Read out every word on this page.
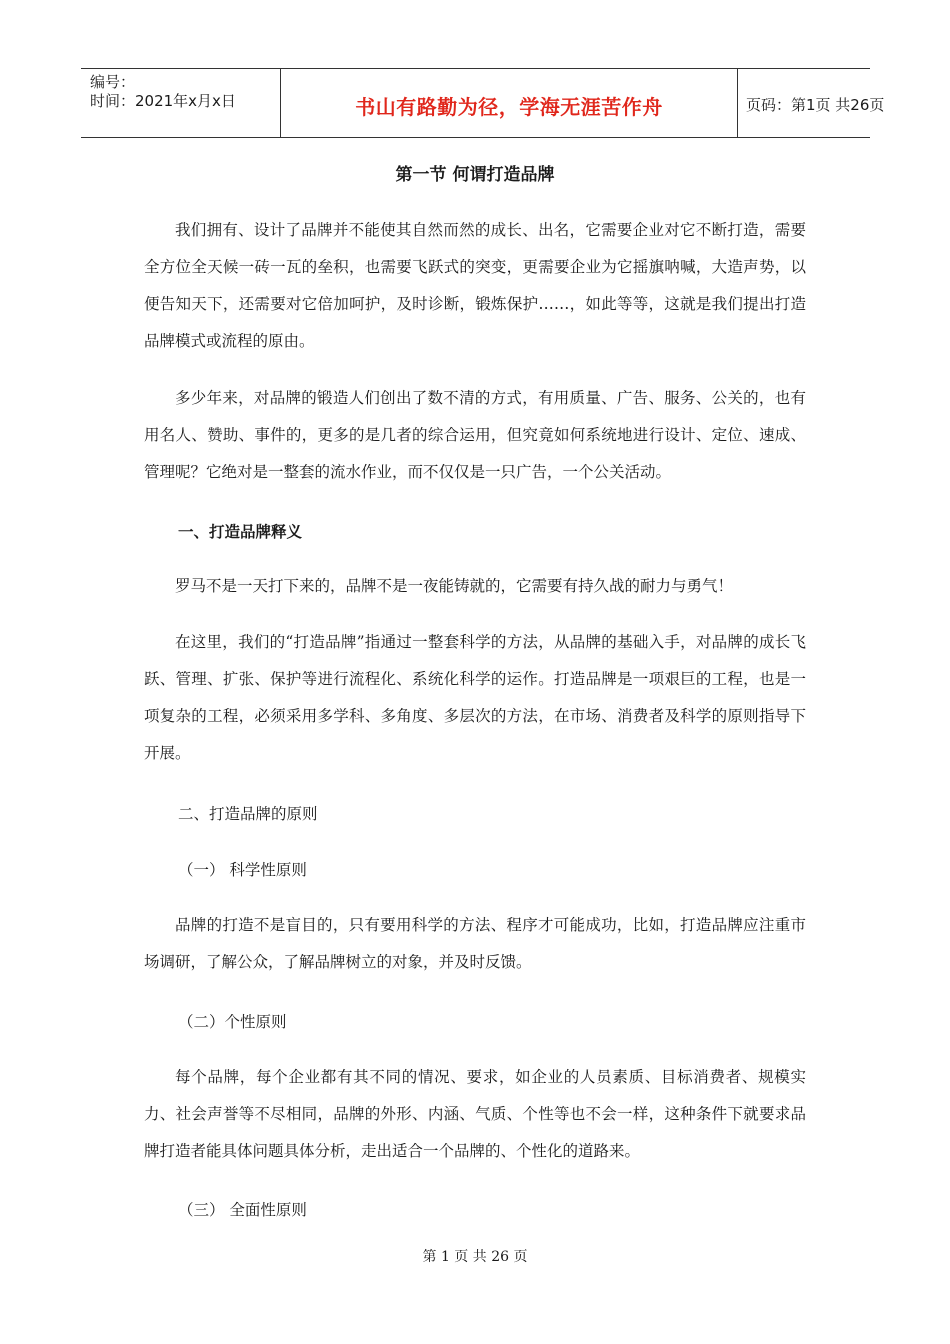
编号：
时间：2021年x月x日	书山有路勤为径，学海无涯苦作舟	页码：第1页 共26页
第一节 何谓打造品牌

我们拥有、设计了品牌并不能使其自然而然的成长、出名，它需要企业对它不断打造，需要全方位全天候一砖一瓦的垒积，也需要飞跃式的突变，更需要企业为它摇旗呐喊，大造声势，以便告知天下，还需要对它倍加呵护，及时诊断，锻炼保护……，如此等等，这就是我们提出打造品牌模式或流程的原由。

多少年来，对品牌的锻造人们创出了数不清的方式，有用质量、广告、服务、公关的，也有用名人、赞助、事件的，更多的是几者的综合运用，但究竟如何系统地进行设计、定位、速成、管理呢？它绝对是一整套的流水作业，而不仅仅是一只广告，一个公关活动。

一、打造品牌释义

罗马不是一天打下来的，品牌不是一夜能铸就的，它需要有持久战的耐力与勇气！

在这里，我们的“打造品牌”指通过一整套科学的方法，从品牌的基础入手，对品牌的成长飞跃、管理、扩张、保护等进行流程化、系统化科学的运作。打造品牌是一项艰巨的工程，也是一项复杂的工程，必须采用多学科、多角度、多层次的方法，在市场、消费者及科学的原则指导下开展。

二、打造品牌的原则
（一） 科学性原则

品牌的打造不是盲目的，只有要用科学的方法、程序才可能成功，比如，打造品牌应注重市场调研，了解公众，了解品牌树立的对象，并及时反馈。

（二）个性原则

每个品牌，每个企业都有其不同的情况、要求，如企业的人员素质、目标消费者、规模实力、社会声誉等不尽相同，品牌的外形、内涵、气质、个性等也不会一样，这种条件下就要求品牌打造者能具体问题具体分析，走出适合一个品牌的、个性化的道路来。

（三） 全面性原则
第 1 页 共 26 页
